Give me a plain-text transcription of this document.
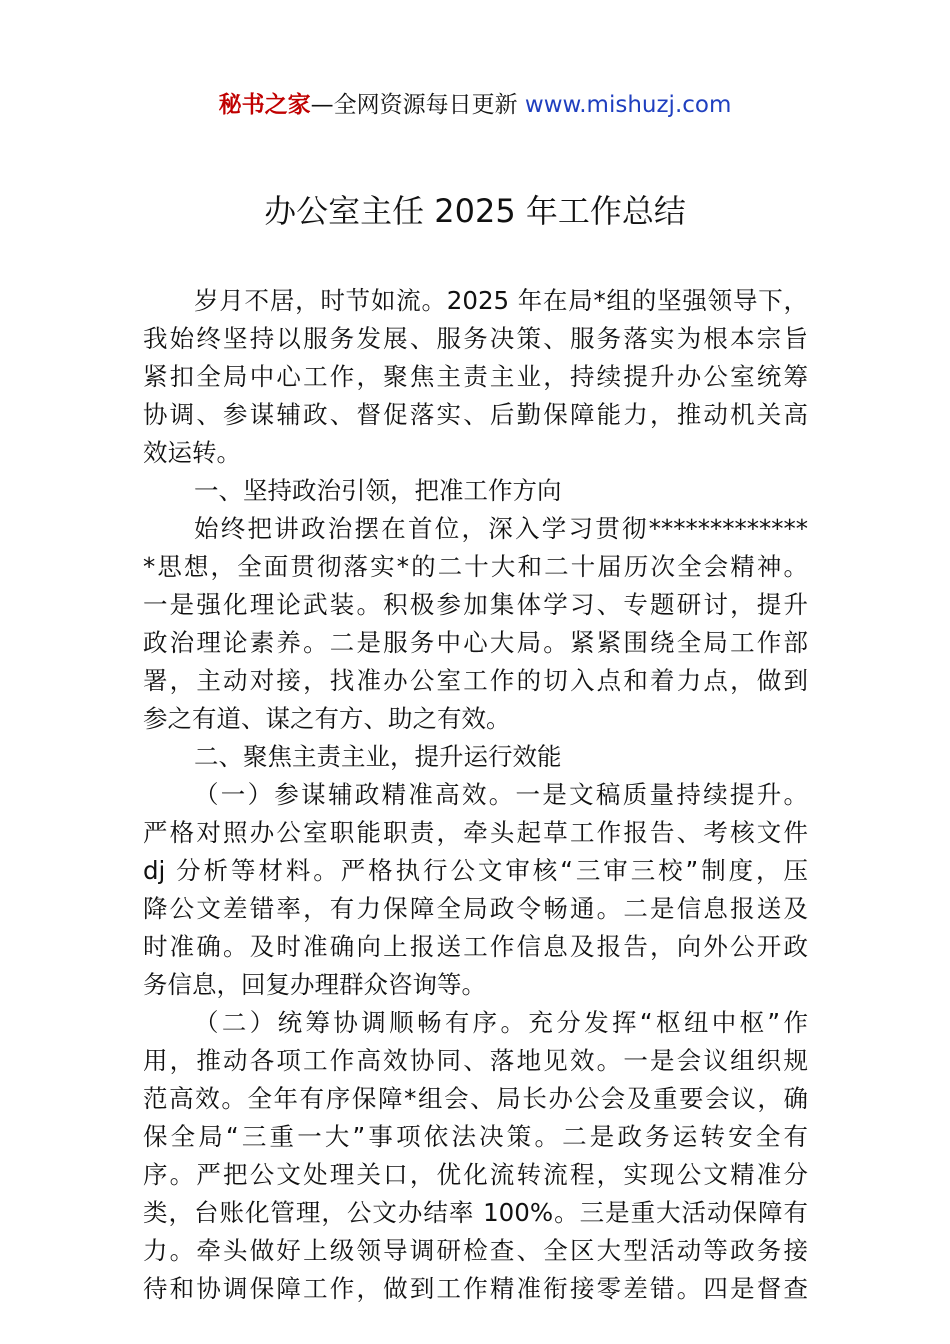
秘书之家—全网资源每日更新 www.mishuzj.com
办公室主任 2025 年工作总结
岁月不居，时节如流。2025 年在局*组的坚强领导下，
我始终坚持以服务发展、服务决策、服务落实为根本宗旨
紧扣全局中心工作，聚焦主责主业，持续提升办公室统筹
协调、参谋辅政、督促落实、后勤保障能力，推动机关高
效运转。
一、坚持政治引领，把准工作方向
始终把讲政治摆在首位，深入学习贯彻*************
*思想，全面贯彻落实*的二十大和二十届历次全会精神。
一是强化理论武装。积极参加集体学习、专题研讨，提升
政治理论素养。二是服务中心大局。紧紧围绕全局工作部
署，主动对接，找准办公室工作的切入点和着力点，做到
参之有道、谋之有方、助之有效。
二、聚焦主责主业，提升运行效能
（一）参谋辅政精准高效。一是文稿质量持续提升。
严格对照办公室职能职责，牵头起草工作报告、考核文件
dj 分析等材料。严格执行公文审核“三审三校”制度，压
降公文差错率，有力保障全局政令畅通。二是信息报送及
时准确。及时准确向上报送工作信息及报告，向外公开政
务信息，回复办理群众咨询等。
（二）统筹协调顺畅有序。充分发挥“枢纽中枢”作
用，推动各项工作高效协同、落地见效。一是会议组织规
范高效。全年有序保障*组会、局长办公会及重要会议，确
保全局“三重一大”事项依法决策。二是政务运转安全有
序。严把公文处理关口，优化流转流程，实现公文精准分
类，台账化管理，公文办结率 100%。三是重大活动保障有
力。牵头做好上级领导调研检查、全区大型活动等政务接
待和协调保障工作，做到工作精准衔接零差错。四是督查
